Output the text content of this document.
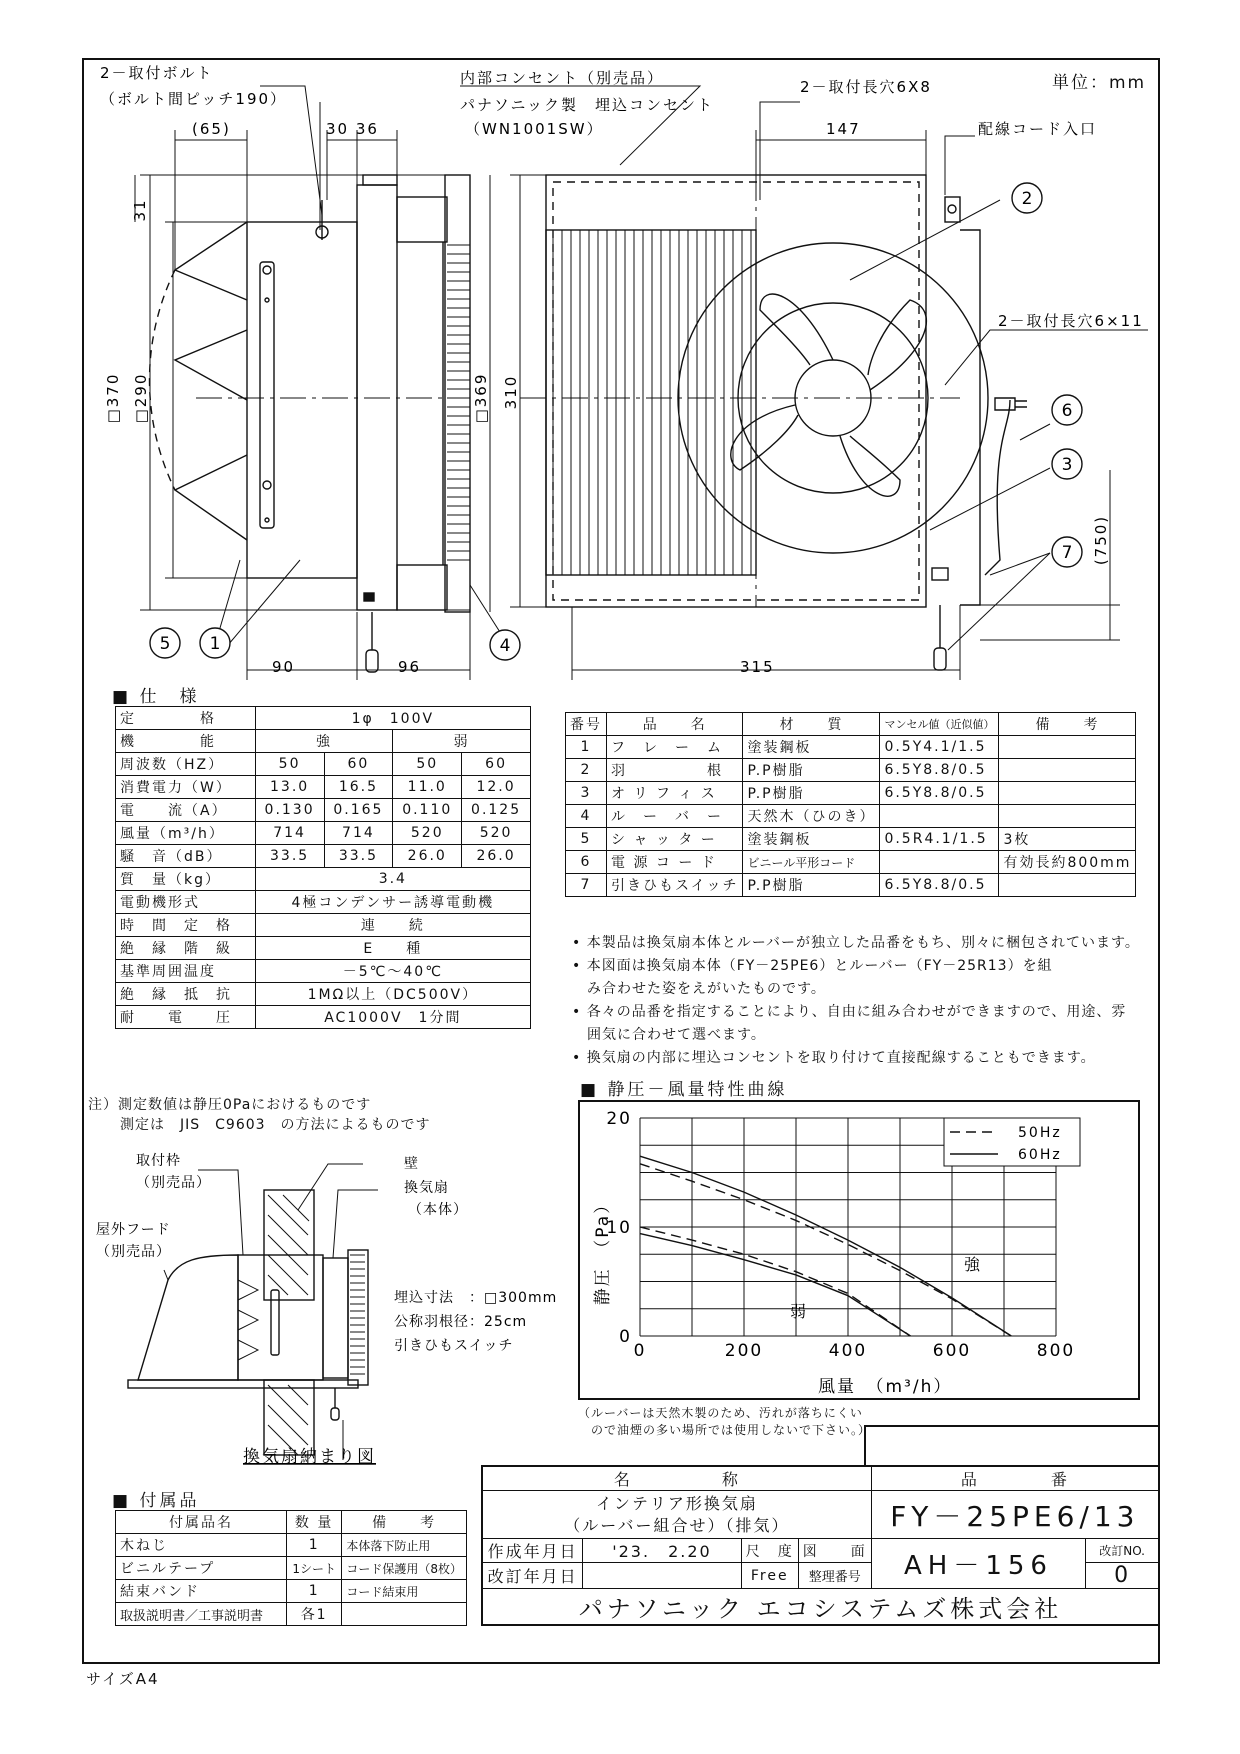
単位：mm
サイズA4
1
2
3
4
5
6
7
2－取付ボルト
（ボルト間ピッチ190）
(65)	30 36
90	96
内部コンセント（別売品）
パナソニック製　埋込コンセント
（WN1001SW）
2－取付長穴6X8
147	配線コード入口
2－取付長穴6×11
315
31
□370 □290	□369 310
(750)
■ 仕　様
定　　　　格	1φ　100V			
機　　　　能	強		弱	
周波数（HZ）	50	60	50	60
消費電力（W）	13.0	16.5	11.0	12.0
電　　流（A）	0.130	0.165	0.110	0.125
風量（m³/h）	714	714	520	520
騒　音（dB）	33.5	33.5	26.0	26.0
質　量（kg）	3.4			
電動機形式	4極コンデンサー誘導電動機			
時　間　定　格	連　　続			
絶　縁　階　級	E　　種			
基準周囲温度	－5℃～40℃			
絶　縁　抵　抗	1MΩ以上（DC500V）			
耐　　電　　圧	AC1000V　1分間			
注）測定数値は静圧0Paにおけるものです
測定は　JIS　C9603　の方法によるものです
番号	品　　名	材　　質	マンセル値（近似値）	備　　考
1	フ　レ　ー　ム	塗装鋼板	0.5Y4.1/1.5	
2	羽　　　　　根	P.P樹脂	6.5Y8.8/0.5	
3	オ リ フ ィ ス	P.P樹脂	6.5Y8.8/0.5	
4	ル　ー　バ　ー	天然木（ひのき）		
5	シ ャ ッ タ ー	塗装鋼板	0.5R4.1/1.5	3枚
6	電 源 コ ー ド	ビニール平形コード		有効長約800mm
7	引きひもスイッチ	P.P樹脂	6.5Y8.8/0.5	
• 本製品は換気扇本体とルーバーが独立した品番をもち、別々に梱包されています。
• 本図面は換気扇本体（FY－25PE6）とルーバー（FY－25R13）を組
　み合わせた姿をえがいたものです。
• 各々の品番を指定することにより、自由に組み合わせができますので、用途、雰
　囲気に合わせて選べます。
• 換気扇の内部に埋込コンセントを取り付けて直接配線することもできます。
■ 静圧－風量特性曲線
0	200	400	600	800
0
10
20
50Hz
60Hz
強
弱
風量　（m³/h）
静圧　（Pa）
（ルーバーは天然木製のため、汚れが落ちにくい
　ので油煙の多い場所では使用しないで下さい。）
取付枠
（別売品）
壁
換気扇
（本体）
屋外フード
（別売品）
埋込寸法　：□300mm
公称羽根径：25cm
引きひもスイッチ
換気扇納まり図
■ 付属品
付属品名	数 量	備　　考
木ねじ	1	本体落下防止用
ビニルテープ	1シート	コード保護用（8枚）
結束バンド	1	コード結束用
取扱説明書／工事説明書	各1	
名　　　　　称				品　　　　番	

インテリア形換気扇
（ルーバー組合せ）（排気）				FY－25PE6/13	
作成年月日	'23.　2.20	尺　度	図　　面	AH－156	改訂NO.
改訂年月日		Free	整理番号		0
パナソニック エコシステムズ株式会社					
